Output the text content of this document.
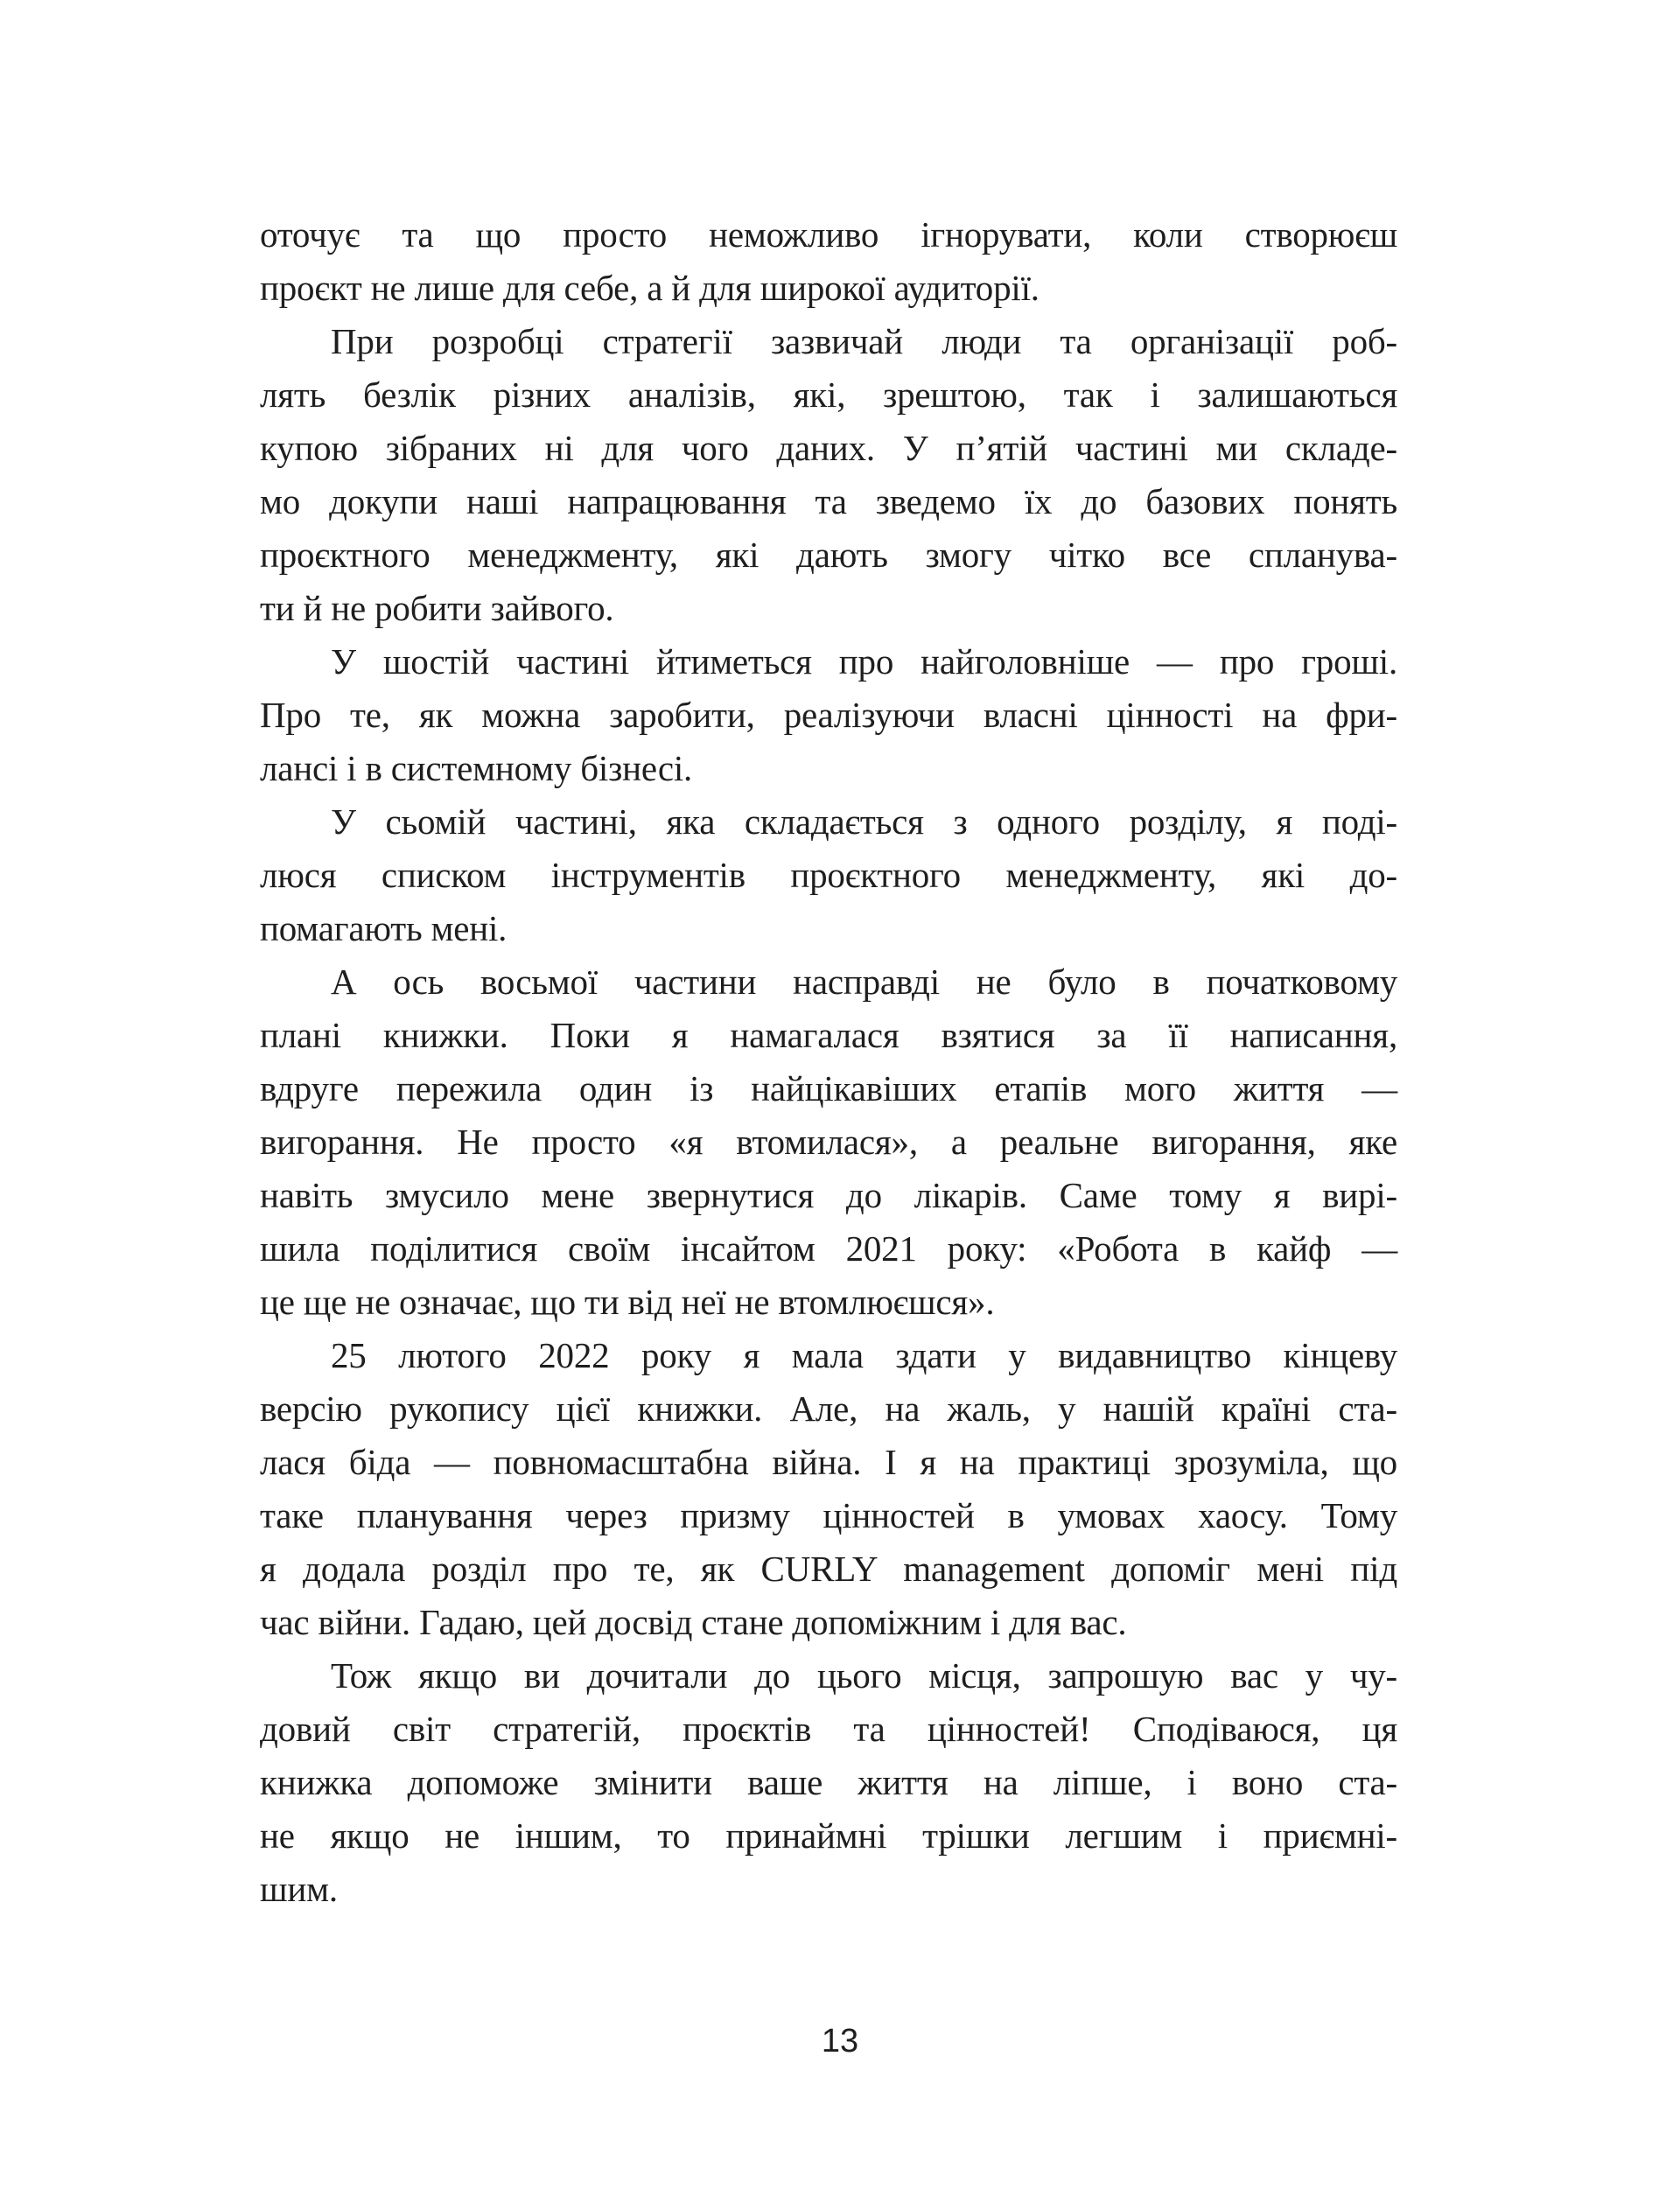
оточує та що просто неможливо ігнорувати, коли створюєш
проєкт не лише для себе, а й для широкої аудиторії.
При розробці стратегії зазвичай люди та організації роб-
лять безлік різних аналізів, які, зрештою, так і залишаються
купою зібраних ні для чого даних. У п’ятій частині ми складе-
мо докупи наші напрацювання та зведемо їх до базових понять
проєктного менеджменту, які дають змогу чітко все спланува-
ти й не робити зайвого.
У шостій частині йтиметься про найголовніше — про гроші.
Про те, як можна заробити, реалізуючи власні цінності на фри-
лансі і в системному бізнесі.
У сьомій частині, яка складається з одного розділу, я поді-
люся списком інструментів проєктного менеджменту, які до-
помагають мені.
А ось восьмої частини насправді не було в початковому
плані книжки. Поки я намагалася взятися за її написання,
вдруге пережила один із найцікавіших етапів мого життя —
вигорання. Не просто «я втомилася», а реальне вигорання, яке
навіть змусило мене звернутися до лікарів. Саме тому я вирі-
шила поділитися своїм інсайтом 2021 року: «Робота в кайф —
це ще не означає, що ти від неї не втомлюєшся».
25 лютого 2022 року я мала здати у видавництво кінцеву
версію рукопису цієї книжки. Але, на жаль, у нашій країні ста-
лася біда — повномасштабна війна. І я на практиці зрозуміла, що
таке планування через призму цінностей в умовах хаосу. Тому
я додала розділ про те, як CURLY management допоміг мені під
час війни. Гадаю, цей досвід стане допоміжним і для вас.
Тож якщо ви дочитали до цього місця, запрошую вас у чу-
довий світ стратегій, проєктів та цінностей! Сподіваюся, ця
книжка допоможе змінити ваше життя на ліпше, і воно ста-
не якщо не іншим, то принаймні трішки легшим і приємні-
шим.
13
